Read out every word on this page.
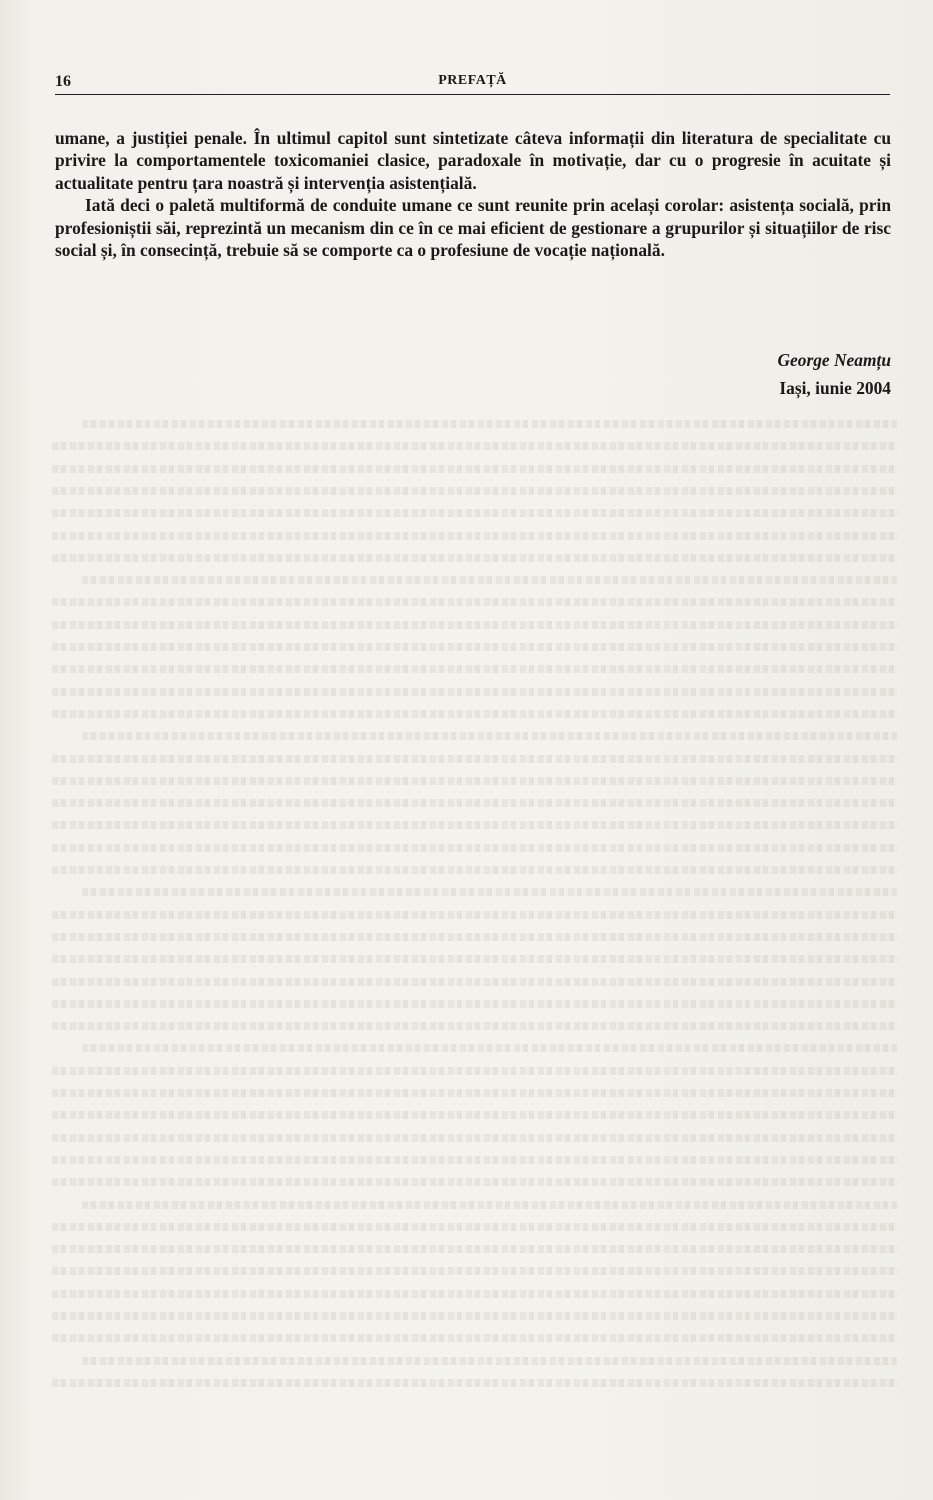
16	PREFAȚĂ

umane, a justiției penale. În ultimul capitol sunt sintetizate câteva informații din literatura de specialitate cu privire la comportamentele toxicomaniei clasice, paradoxale în motivație, dar cu o progresie în acuitate și actualitate pentru țara noastră și intervenția asistențială.

Iată deci o paletă multiformă de conduite umane ce sunt reunite prin același corolar: asistența socială, prin profesioniștii săi, reprezintă un mecanism din ce în ce mai eficient de gestionare a grupurilor și situațiilor de risc social și, în consecință, trebuie să se comporte ca o profesiune de vocație națională.

George Neamțu
Iași, iunie 2004
